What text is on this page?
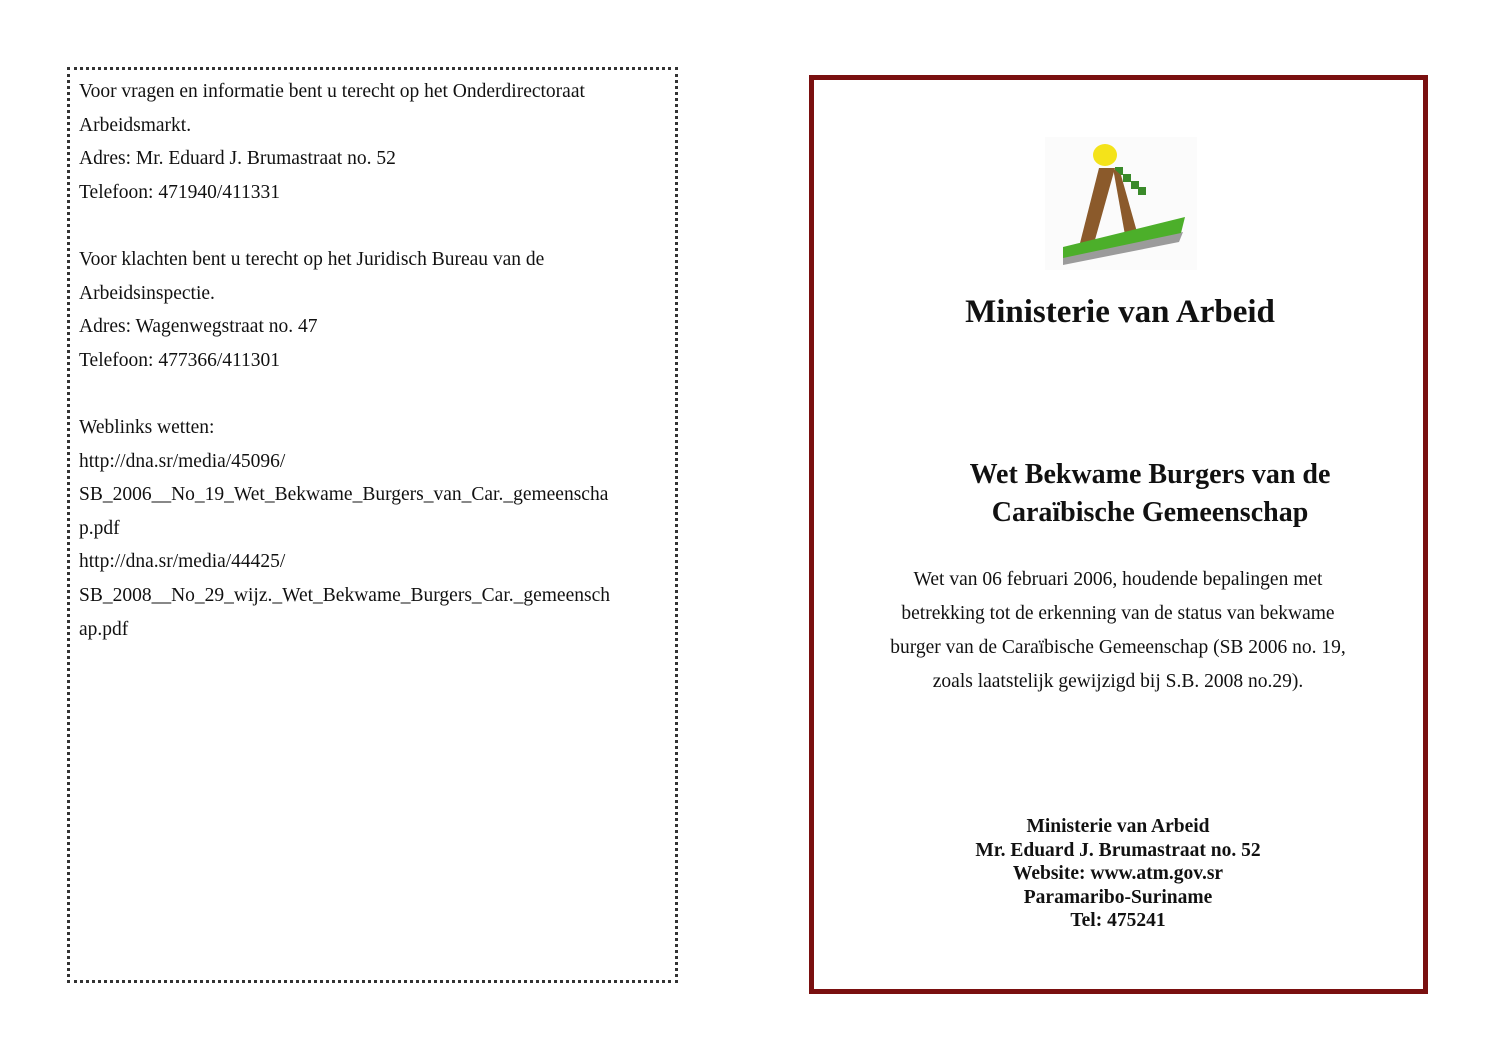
Voor vragen en informatie bent u terecht op het Onderdirectoraat
Arbeidsmarkt.
Adres: Mr. Eduard J. Brumastraat no. 52
Telefoon: 471940/411331
Voor klachten bent u terecht op het Juridisch Bureau van de
Arbeidsinspectie.
Adres: Wagenwegstraat no. 47
Telefoon: 477366/411301
Weblinks wetten:
http://dna.sr/media/45096/
SB_2006__No_19_Wet_Bekwame_Burgers_van_Car._gemeenscha
p.pdf
http://dna.sr/media/44425/
SB_2008__No_29_wijz._Wet_Bekwame_Burgers_Car._gemeensch
ap.pdf
Ministerie van Arbeid
Wet Bekwame Burgers van de
Caraïbische Gemeenschap
Wet van 06 februari 2006, houdende bepalingen met
betrekking tot de erkenning van de status van bekwame
burger van de Caraïbische Gemeenschap (SB 2006 no. 19,
zoals laatstelijk gewijzigd bij S.B. 2008 no.29).
Ministerie van Arbeid
Mr. Eduard J. Brumastraat no. 52
Website: www.atm.gov.sr
Paramaribo-Suriname
Tel: 475241
